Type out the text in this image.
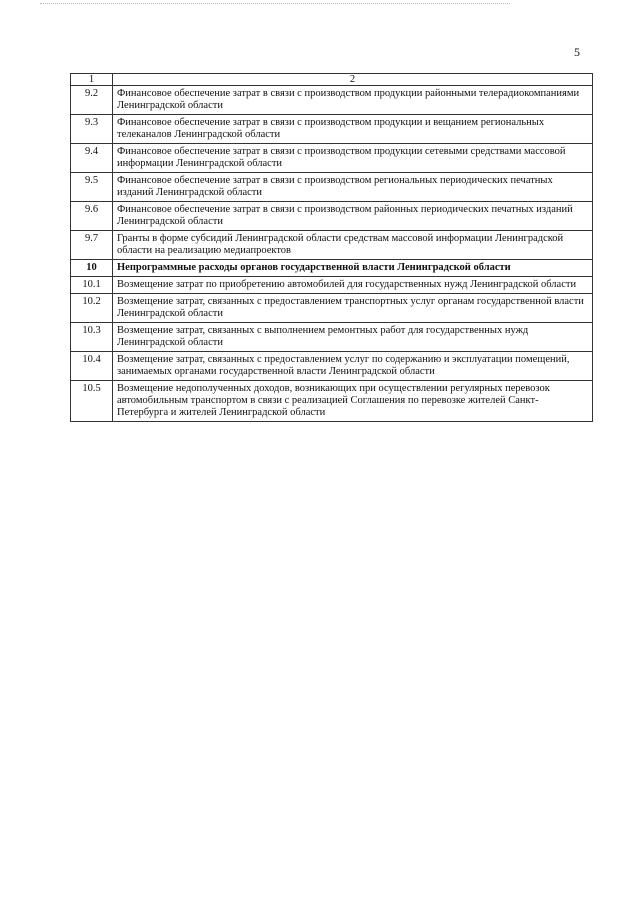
5
1	2
9.2	Финансовое обеспечение затрат в связи с производством продукции районными телерадиокомпаниями Ленинградской области
9.3	Финансовое обеспечение затрат в связи с производством продукции и вещанием региональных телеканалов Ленинградской области
9.4	Финансовое обеспечение затрат в связи с производством продукции сетевыми средствами массовой информации Ленинградской области
9.5	Финансовое обеспечение затрат в связи с производством региональных периодических печатных изданий Ленинградской области
9.6	Финансовое обеспечение затрат в связи с производством районных периодических печатных изданий Ленинградской области
9.7	Гранты в форме субсидий Ленинградской области средствам массовой информации Ленинградской области на реализацию медиапроектов
10	Непрограммные расходы органов государственной власти Ленинградской области
10.1	Возмещение затрат по приобретению автомобилей для государственных нужд Ленинградской области
10.2	Возмещение затрат, связанных с предоставлением транспортных услуг органам государственной власти Ленинградской области
10.3	Возмещение затрат, связанных с выполнением ремонтных работ для государственных нужд Ленинградской области
10.4	Возмещение затрат, связанных с предоставлением услуг по содержанию и эксплуатации помещений, занимаемых органами государственной власти Ленинградской области
10.5	Возмещение недополученных доходов, возникающих при осуществлении регулярных перевозок автомобильным транспортом в связи с реализацией Соглашения по перевозке жителей Санкт-Петербурга и жителей Ленинградской области
